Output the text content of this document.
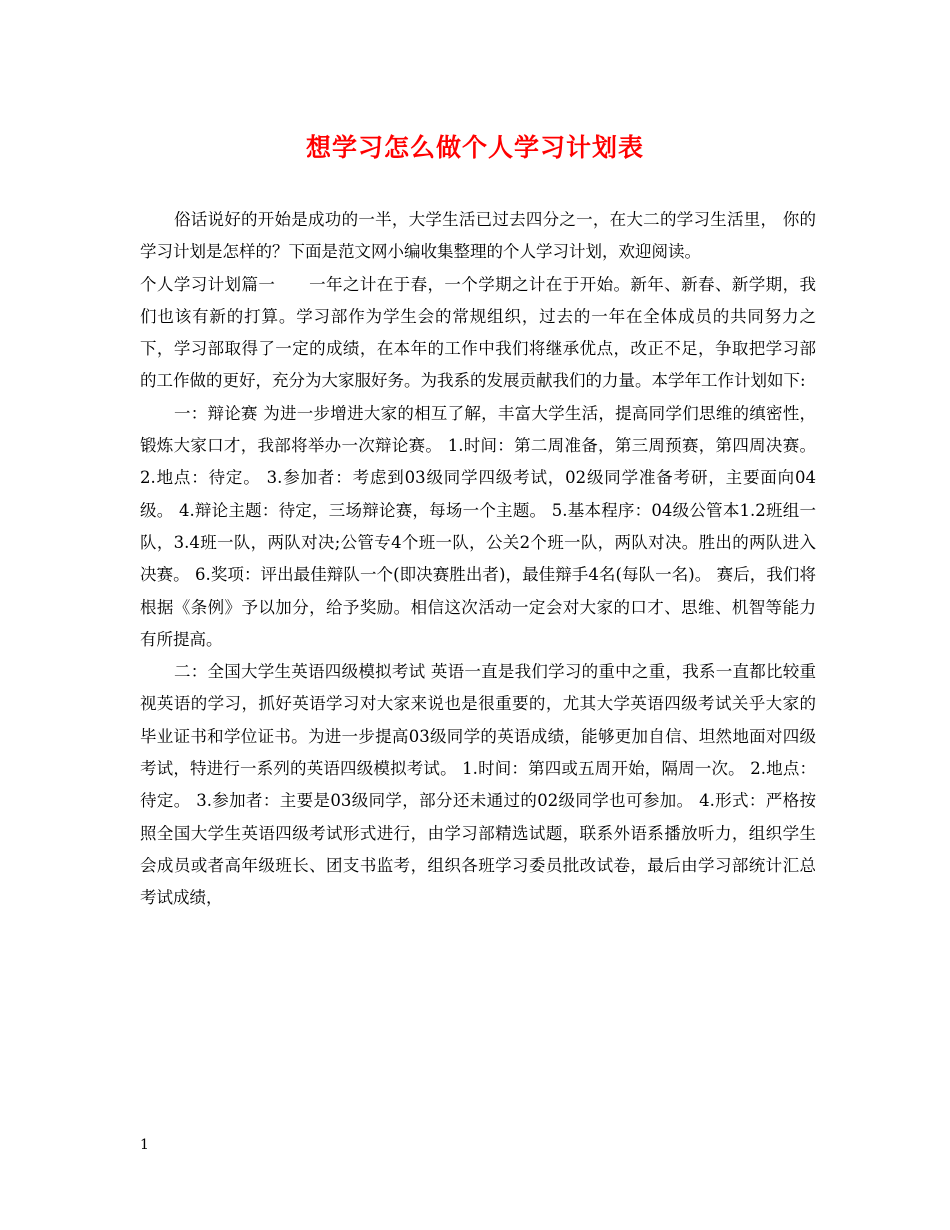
想学习怎么做个人学习计划表

俗话说好的开始是成功的一半，大学生活已过去四分之一，在大二的学习生活里， 你的学习计划是怎样的？下面是范文网小编收集整理的个人学习计划，欢迎阅读。

个人学习计划篇一　　一年之计在于春，一个学期之计在于开始。新年、新春、新学期，我们也该有新的打算。学习部作为学生会的常规组织，过去的一年在全体成员的共同努力之下，学习部取得了一定的成绩，在本年的工作中我们将继承优点，改正不足，争取把学习部的工作做的更好，充分为大家服好务。为我系的发展贡献我们的力量。本学年工作计划如下:

一：辩论赛 为进一步增进大家的相互了解，丰富大学生活，提高同学们思维的缜密性，锻炼大家口才，我部将举办一次辩论赛。 1.时间：第二周准备，第三周预赛，第四周决赛。 2.地点：待定。 3.参加者：考虑到03级同学四级考试，02级同学准备考研，主要面向04级。 4.辩论主题：待定，三场辩论赛，每场一个主题。 5.基本程序：04级公管本1.2班组一队，3.4班一队，两队对决;公管专4个班一队，公关2个班一队，两队对决。胜出的两队进入决赛。 6.奖项：评出最佳辩队一个(即决赛胜出者)，最佳辩手4名(每队一名)。 赛后，我们将根据《条例》予以加分，给予奖励。相信这次活动一定会对大家的口才、思维、机智等能力有所提高。

二：全国大学生英语四级模拟考试 英语一直是我们学习的重中之重，我系一直都比较重视英语的学习，抓好英语学习对大家来说也是很重要的，尤其大学英语四级考试关乎大家的毕业证书和学位证书。为进一步提高03级同学的英语成绩，能够更加自信、坦然地面对四级考试，特进行一系列的英语四级模拟考试。 1.时间：第四或五周开始，隔周一次。 2.地点：待定。 3.参加者：主要是03级同学，部分还未通过的02级同学也可参加。 4.形式：严格按照全国大学生英语四级考试形式进行，由学习部精选试题，联系外语系播放听力，组织学生会成员或者高年级班长、团支书监考，组织各班学习委员批改试卷，最后由学习部统计汇总考试成绩，

1
